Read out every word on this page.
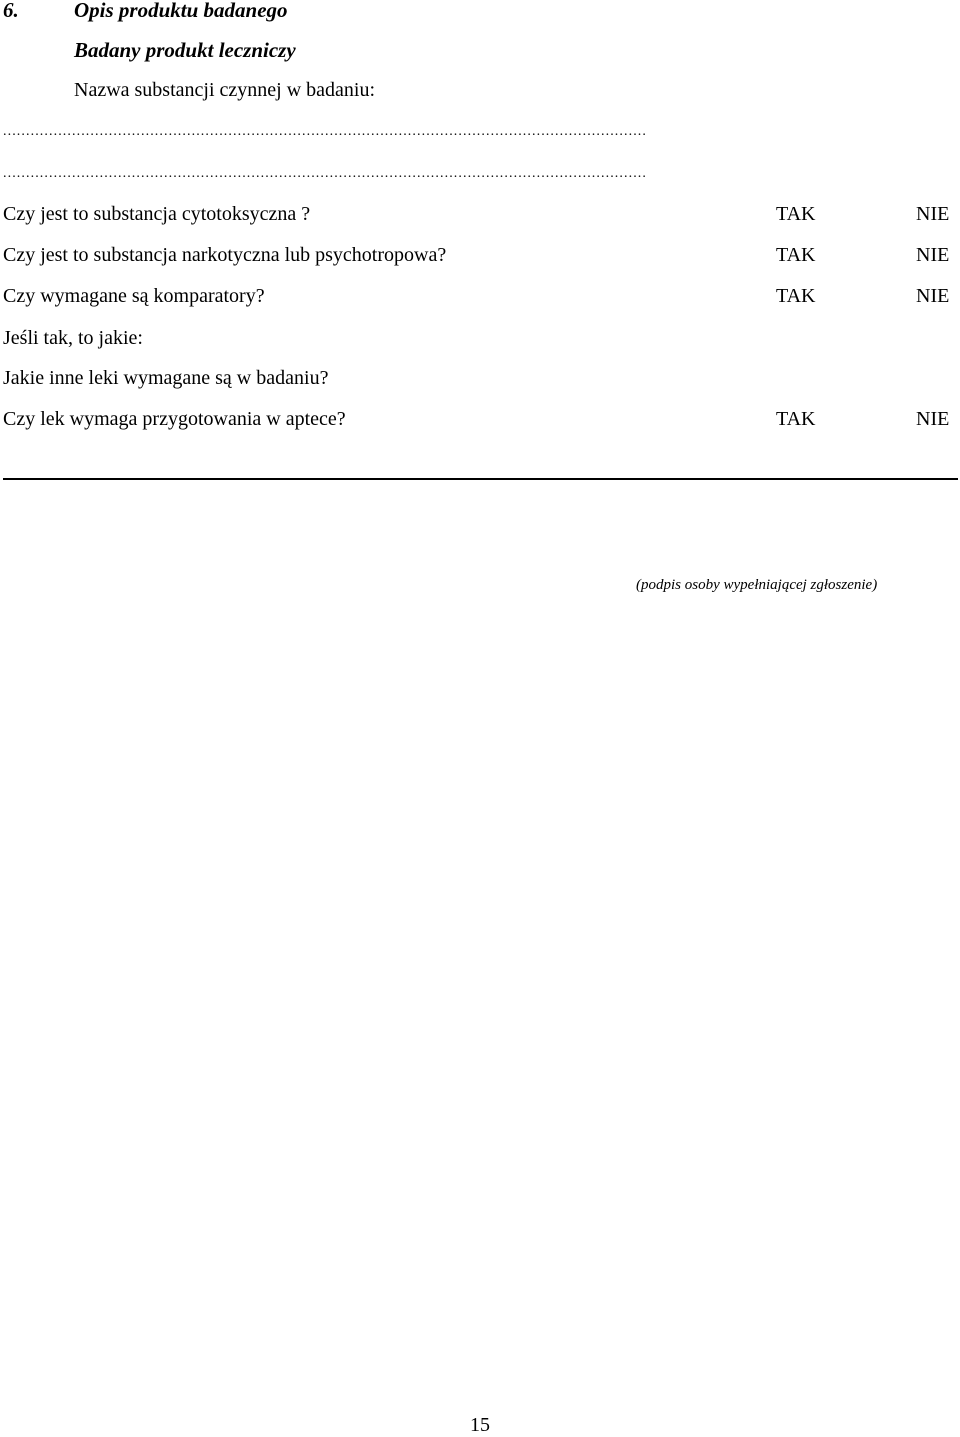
6.	Opis produktu badanego
Badany produkt leczniczy
Nazwa substancji czynnej w badaniu:
............................................................................................................................................
............................................................................................................................................
Czy jest to substancja cytotoksyczna ?	TAK	NIE
Czy jest to substancja narkotyczna lub psychotropowa?	TAK	NIE
Czy wymagane są komparatory?	TAK	NIE
Jeśli tak, to jakie:
Jakie inne leki wymagane są w badaniu?
Czy lek wymaga przygotowania w aptece?	TAK	NIE
(podpis osoby wypełniającej zgłoszenie)
15
